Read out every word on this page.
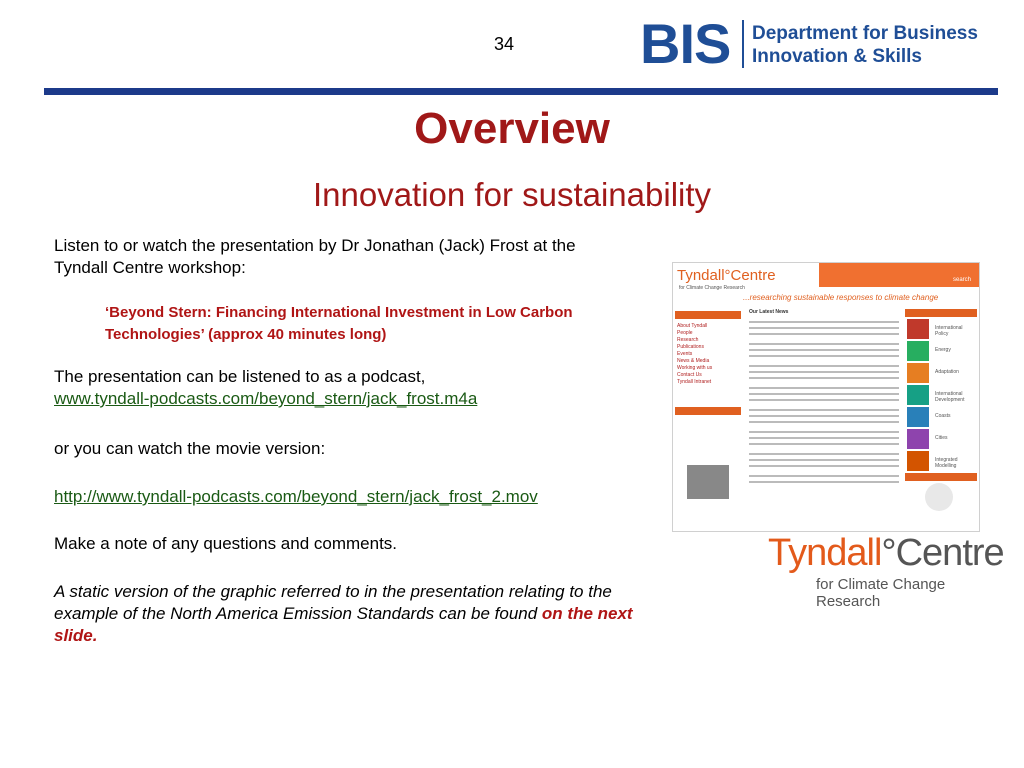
34 BIS Department for Business
Innovation & Skills
Overview
Innovation for sustainability
Listen to or watch the presentation by Dr Jonathan (Jack) Frost at the Tyndall Centre workshop:
‘Beyond Stern: Financing International Investment in Low Carbon Technologies’ (approx 40 minutes long)
The presentation can be listened to as a podcast,
www.tyndall-podcasts.com/beyond_stern/jack_frost.m4a
or you can watch the movie version:
http://www.tyndall-podcasts.com/beyond_stern/jack_frost_2.mov
Make a note of any questions and comments.
A static version of the graphic referred to in the presentation relating to the example of the North America Emission Standards can be found on the next slide.
Tyndall°Centre
for Climate Change Research
...researching sustainable responses to climate change
search
About Tyndall
People
Research
Publications
Events
News & Media
Working with us
Contact Us
Tyndall Intranet
Our Latest News
International Policy
Energy
Adaptation
International Development
Coasts
Cities
Integrated Modelling
Tyndall°Centre
for Climate Change Research
